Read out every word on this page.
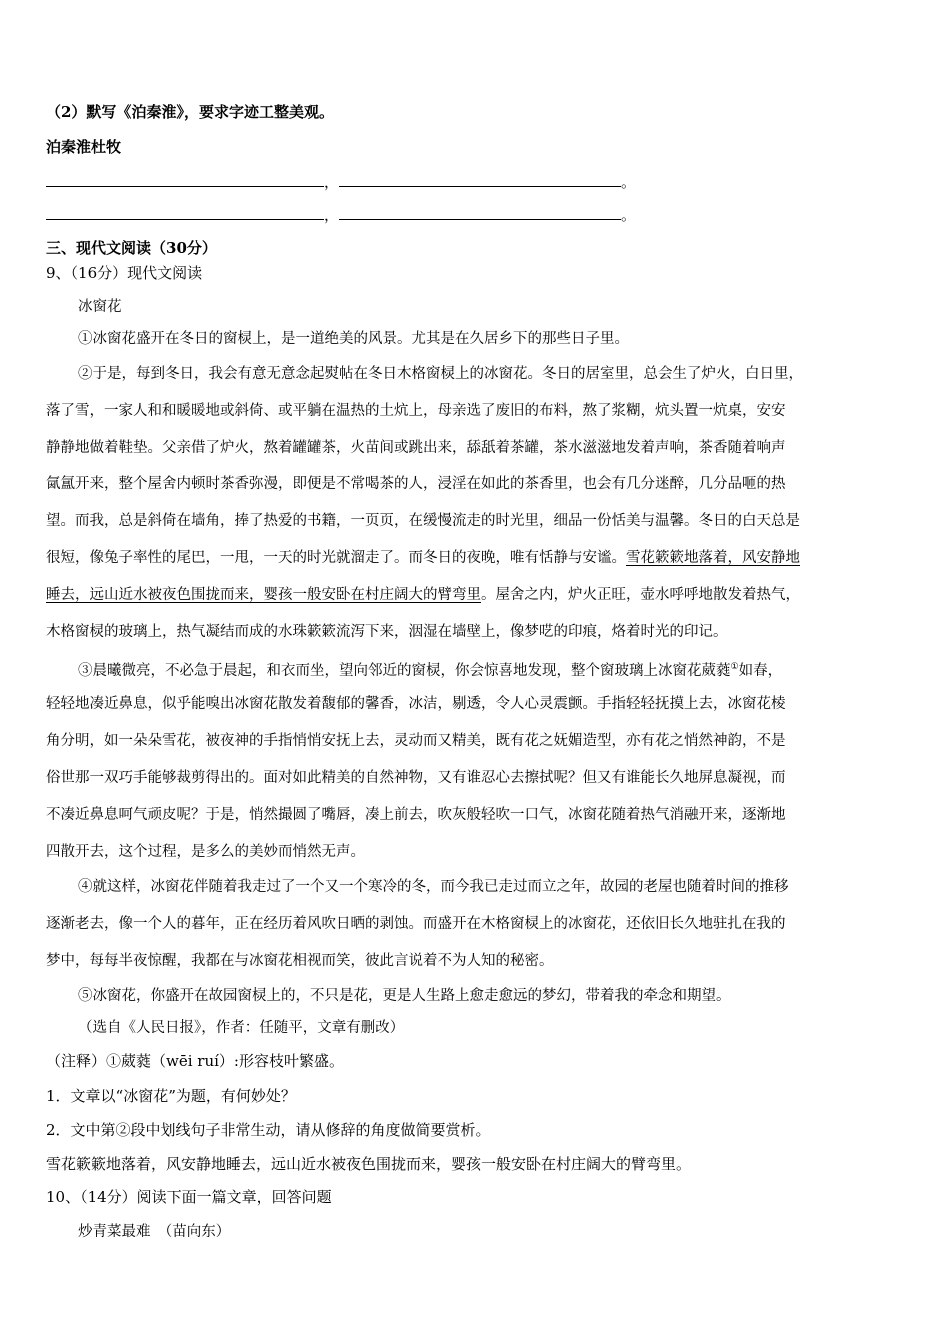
（2）默写《泊秦淮》，要求字迹工整美观。
泊秦淮杜牧
，	。
，	。
三、现代文阅读（30分）
9、（16分）现代文阅读
冰窗花
①冰窗花盛开在冬日的窗棂上，是一道绝美的风景。尤其是在久居乡下的那些日子里。
②于是，每到冬日，我会有意无意念起熨帖在冬日木格窗棂上的冰窗花。冬日的居室里，总会生了炉火，白日里，
落了雪，一家人和和暖暖地或斜倚、或平躺在温热的土炕上，母亲选了废旧的布料，熬了浆糊，炕头置一炕桌，安安
静静地做着鞋垫。父亲借了炉火，熬着罐罐茶，火苗间或跳出来，舔舐着茶罐，茶水滋滋地发着声响，茶香随着响声
氤氲开来，整个屋舍内顿时茶香弥漫，即便是不常喝茶的人，浸淫在如此的茶香里，也会有几分迷醉，几分品咂的热
望。而我，总是斜倚在墙角，捧了热爱的书籍，一页页，在缓慢流走的时光里，细品一份恬美与温馨。冬日的白天总是
很短，像兔子率性的尾巴，一甩，一天的时光就溜走了。而冬日的夜晚，唯有恬静与安谧。雪花簌簌地落着，风安静地
睡去，远山近水被夜色围拢而来，婴孩一般安卧在村庄阔大的臂弯里。屋舍之内，炉火正旺，壶水呼呼地散发着热气，
木格窗棂的玻璃上，热气凝结而成的水珠簌簌流泻下来，洇湿在墙壁上，像梦呓的印痕，烙着时光的印记。
③晨曦微亮，不必急于晨起，和衣而坐，望向邻近的窗棂，你会惊喜地发现，整个窗玻璃上冰窗花葳蕤①如春，
轻轻地凑近鼻息，似乎能嗅出冰窗花散发着馥郁的馨香，冰洁，剔透，令人心灵震颤。手指轻轻抚摸上去，冰窗花棱
角分明，如一朵朵雪花，被夜神的手指悄悄安抚上去，灵动而又精美，既有花之妩媚造型，亦有花之悄然神韵，不是
俗世那一双巧手能够裁剪得出的。面对如此精美的自然神物，又有谁忍心去擦拭呢？但又有谁能长久地屏息凝视，而
不凑近鼻息呵气顽皮呢？于是，悄然撮圆了嘴唇，凑上前去，吹灰般轻吹一口气，冰窗花随着热气消融开来，逐渐地
四散开去，这个过程，是多么的美妙而悄然无声。
④就这样，冰窗花伴随着我走过了一个又一个寒冷的冬，而今我已走过而立之年，故园的老屋也随着时间的推移
逐渐老去，像一个人的暮年，正在经历着风吹日晒的剥蚀。而盛开在木格窗棂上的冰窗花，还依旧长久地驻扎在我的
梦中，每每半夜惊醒，我都在与冰窗花相视而笑，彼此言说着不为人知的秘密。
⑤冰窗花，你盛开在故园窗棂上的，不只是花，更是人生路上愈走愈远的梦幻，带着我的牵念和期望。
（选自《人民日报》，作者：任随平，文章有删改）
（注释）①葳蕤（wēi ruí）:形容枝叶繁盛。
1．文章以“冰窗花”为题，有何妙处？
2．文中第②段中划线句子非常生动，请从修辞的角度做简要赏析。
雪花簌簌地落着，风安静地睡去，远山近水被夜色围拢而来，婴孩一般安卧在村庄阔大的臂弯里。
10、（14分）阅读下面一篇文章，回答问题
炒青菜最难　（苗向东）
